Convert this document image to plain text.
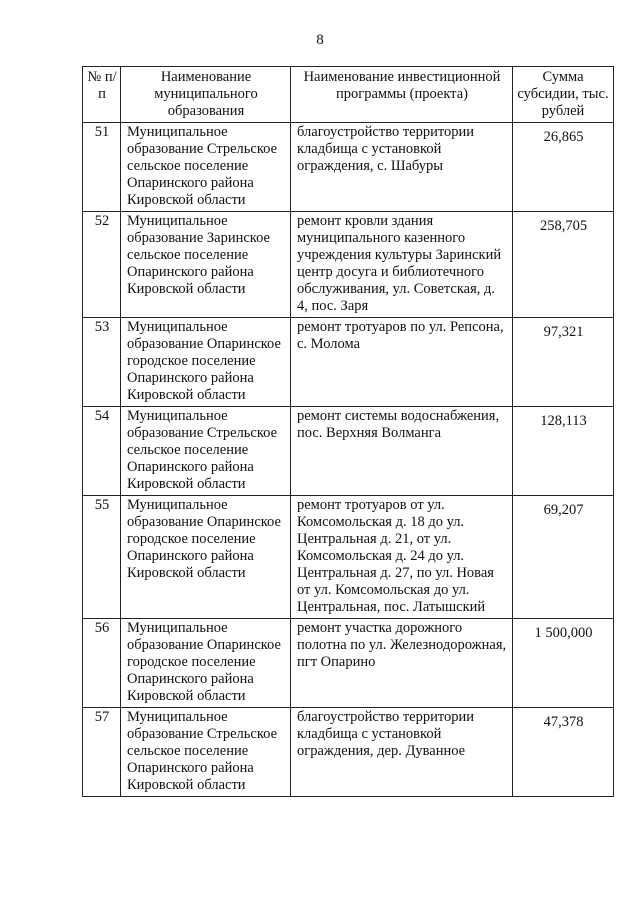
8
№ п/п	Наименование муниципального образования	Наименование инвестиционной программы (проекта)	Сумма субсидии, тыс. рублей
51	Муниципальное образование Стрельское сельское поселение Опаринского района Кировской области	благоустройство территории кладбища с установкой ограждения, с. Шабуры	26,865
52	Муниципальное образование Заринское сельское поселение Опаринского района Кировской области	ремонт кровли здания муниципального казенного учреждения культуры Заринский центр досуга и библиотечного обслуживания, ул. Советская, д. 4, пос. Заря	258,705
53	Муниципальное образование Опаринское городское поселение Опаринского района Кировской области	ремонт тротуаров по ул. Репсона, с. Молома	97,321
54	Муниципальное образование Стрельское сельское поселение Опаринского района Кировской области	ремонт системы водоснабжения, пос. Верхняя Волманга	128,113
55	Муниципальное образование Опаринское городское поселение Опаринского района Кировской области	ремонт тротуаров от ул. Комсомольская д. 18 до ул. Центральная д. 21, от ул. Комсомольская д. 24 до ул. Центральная д. 27, по ул. Новая от ул. Комсомольская до ул. Центральная, пос. Латышский	69,207
56	Муниципальное образование Опаринское городское поселение Опаринского района Кировской области	ремонт участка дорожного полотна по ул. Железнодорожная, пгт Опарино	1 500,000
57	Муниципальное образование Стрельское сельское поселение Опаринского района Кировской области	благоустройство территории кладбища с установкой ограждения, дер. Дуванное	47,378
